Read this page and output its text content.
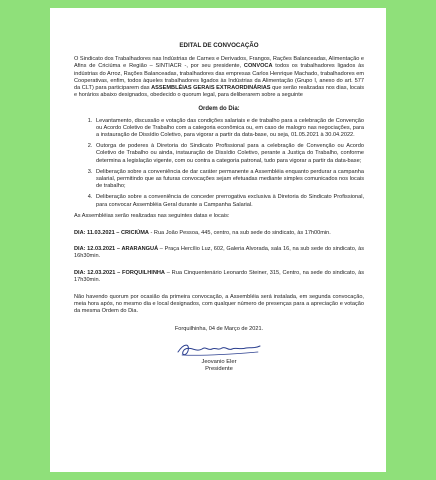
EDITAL DE CONVOCAÇÃO

O Sindicato dos Trabalhadores nas Indústrias de Carnes e Derivados, Frangos, Rações Balanceadas, Alimentação e Afins de Criciúma e Região – SINTIACR -, por seu presidente, CONVOCA todos os trabalhadores ligados às indústrias do Arroz, Rações Balanceadas, trabalhadores das empresas Carlos Henrique Machado, trabalhadores em Cooperativas, enfim, todos àqueles trabalhadores ligados às Indústrias da Alimentação (Grupo I, anexo do art. 577 da CLT) para participarem das ASSEMBLÉIAS GERAIS EXTRAORDINÁRIAS que serão realizadas nos dias, locais e horários abaixo designados, obedecido o quorum legal, para deliberarem sobre a seguinte

Ordem do Dia:
1. Levantamento, discussão e votação das condições salariais e de trabalho para a celebração de Convenção ou Acordo Coletivo de Trabalho com a categoria econômica ou, em caso de malogro nas negociações, para a instauração de Dissídio Coletivo, para vigorar a partir da data-base, ou seja, 01.05.2021 à 30.04.2022.
2. Outorga de poderes à Diretoria do Sindicato Profissional para a celebração de Convenção ou Acordo Coletivo de Trabalho ou ainda, instauração de Dissídio Coletivo, perante a Justiça do Trabalho, conforme determina a legislação vigente, com ou contra a categoria patronal, tudo para vigorar a partir da data-base;
3. Deliberação sobre a conveniência de dar caráter permanente a Assembléia enquanto perdurar a campanha salarial, permitindo que as futuras convocações sejam efetuadas mediante simples comunicados nos locais de trabalho;
4. Deliberação sobre a conveniência de conceder prerrogativa exclusiva à Diretoria do Sindicato Profissional, para convocar Assembléia Geral durante a Campanha Salarial.

As Assembléias serão realizadas nas seguintes datas e locais:

DIA: 11.03.2021 – CRICIÚMA - Rua João Pessoa, 445, centro, na sub sede do sindicato, às 17h00min.

DIA: 12.03.2021 – ARARANGUÁ – Praça Hercílio Luz, 602, Galeria Alvorada, sala 16, na sub sede do sindicato, às 16h30min.

DIA: 12.03.2021 – FORQUILHINHA – Rua Cinquentenário Leonardo Steiner, 315, Centro, na sede do sindicato, às 17h30min.

Não havendo quorum por ocasião da primeira convocação, a Assembléia será instalada, em segunda convocação, meia hora após, no mesmo dia e local designados, com qualquer número de presenças para a apreciação e votação da mesma Ordem do Dia.

Forquilhinha, 04 de Março de 2021.
Jeovanio Eler
Presidente
